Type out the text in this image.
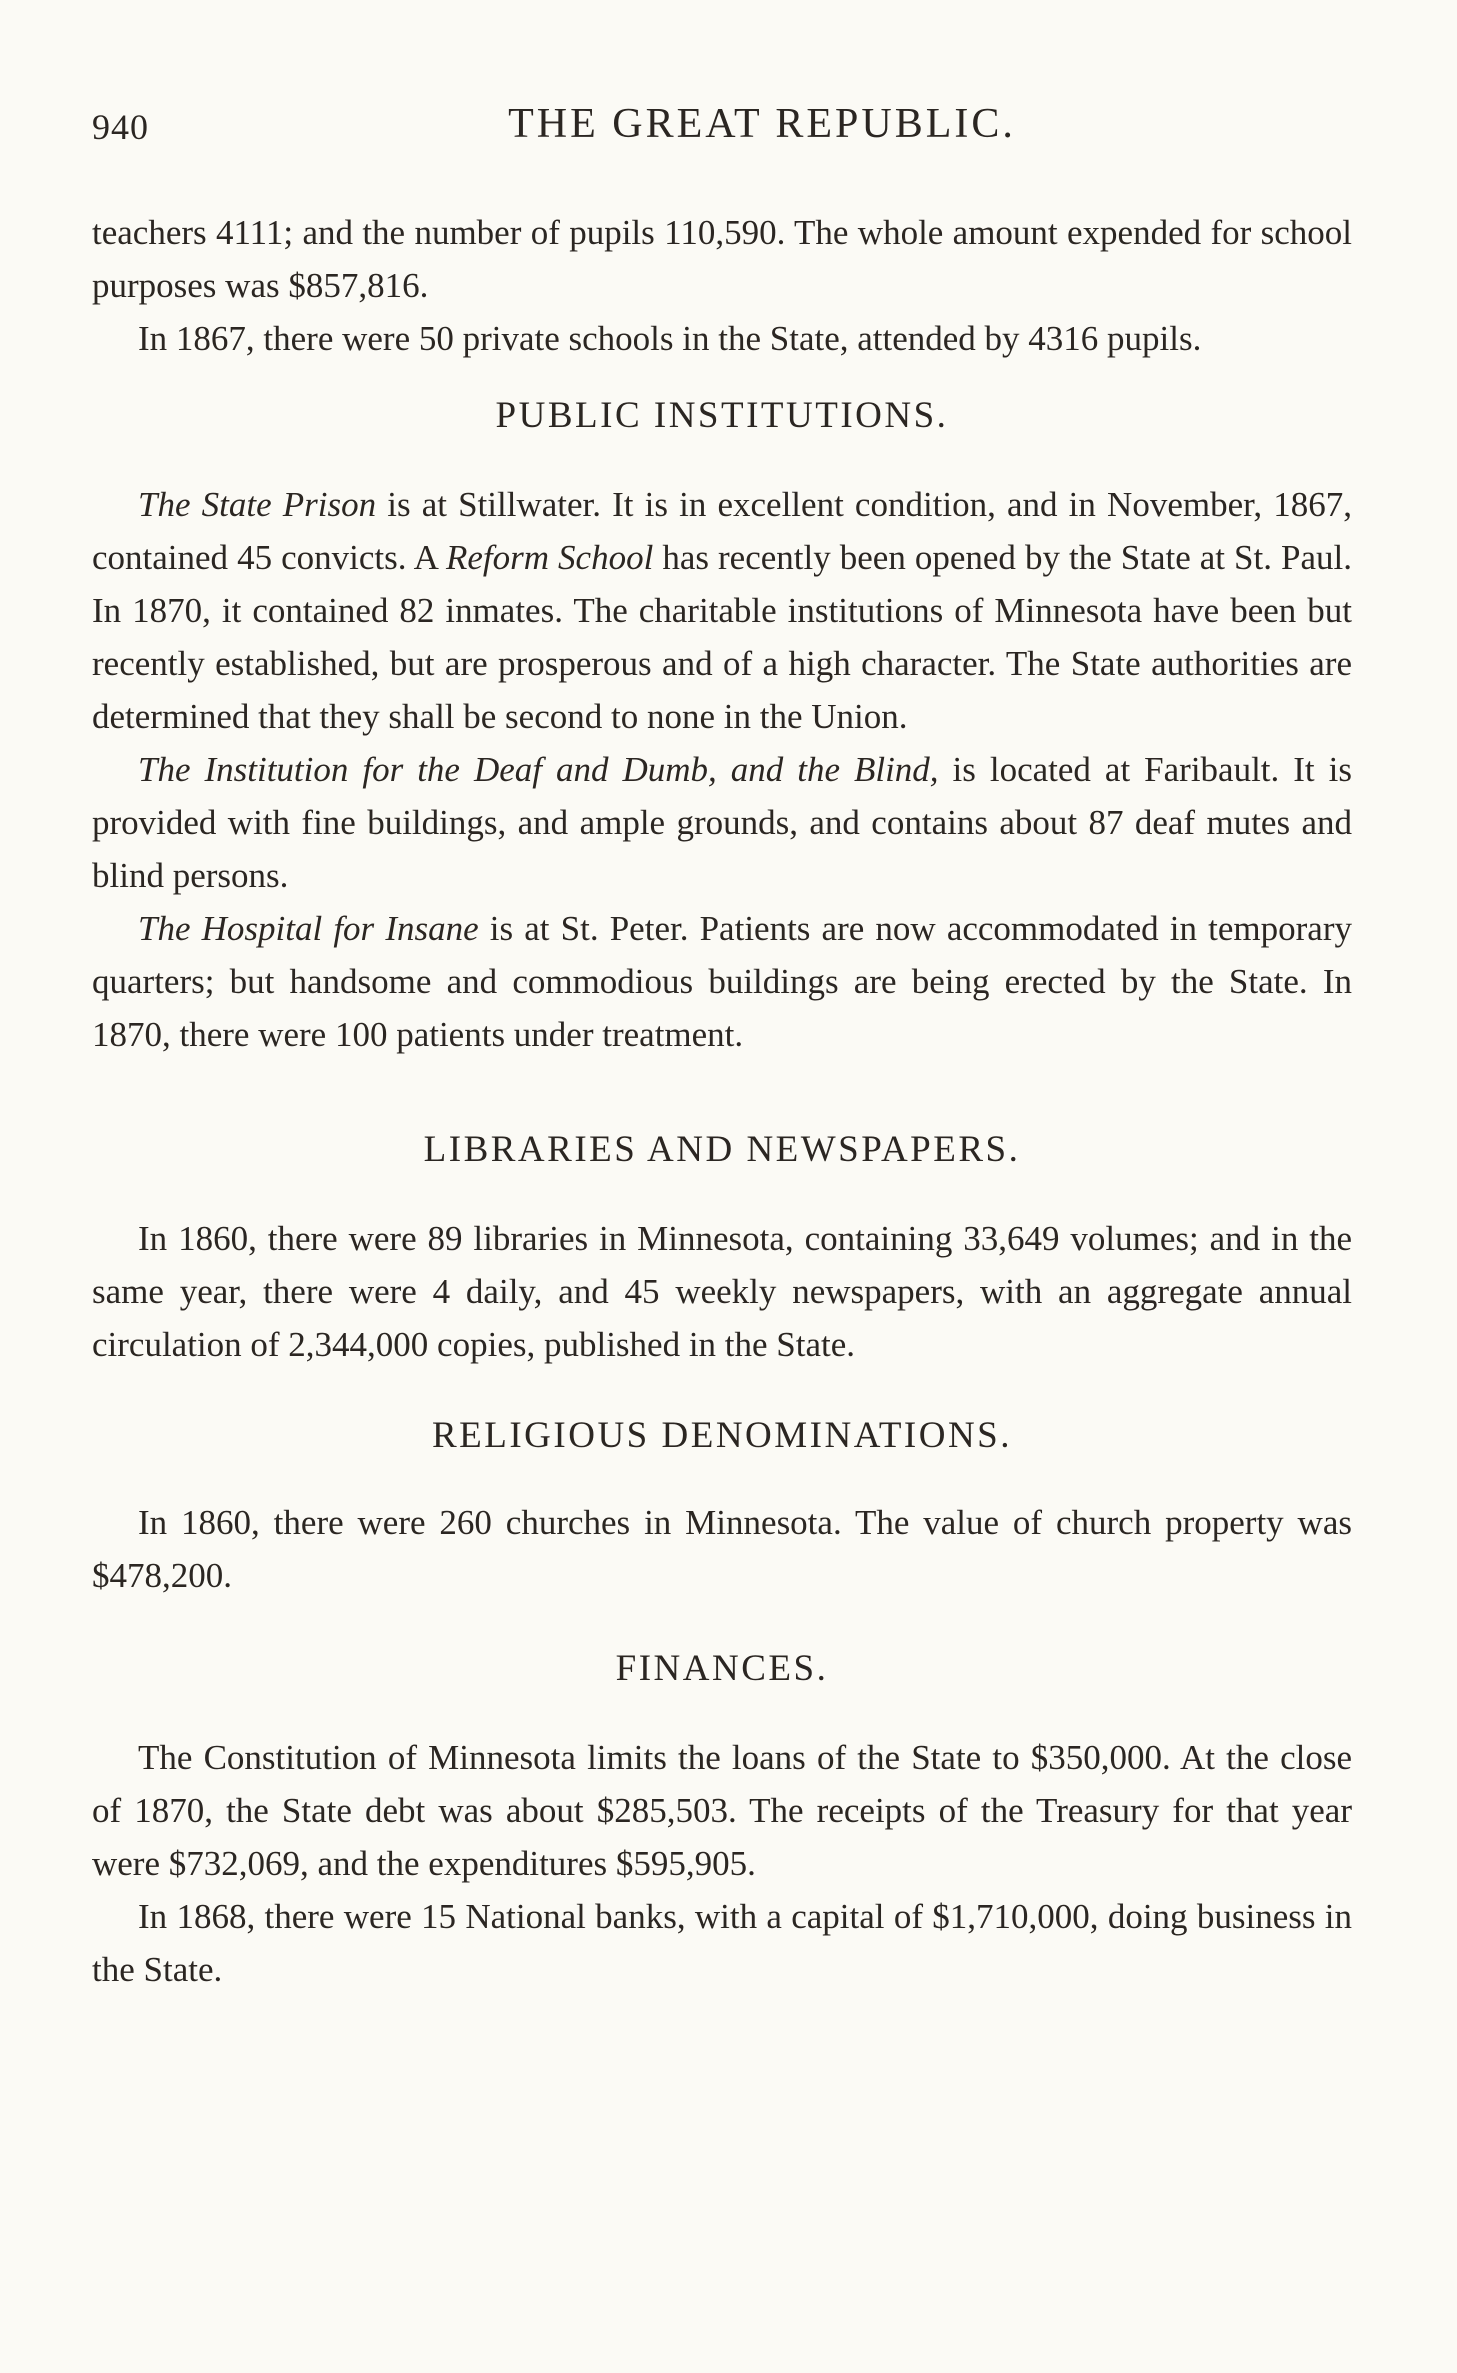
940	THE GREAT REPUBLIC.

teachers 4111; and the number of pupils 110,590. The whole amount expended for school purposes was $857,816.

In 1867, there were 50 private schools in the State, attended by 4316 pupils.

PUBLIC INSTITUTIONS.

The State Prison is at Stillwater. It is in excellent condition, and in November, 1867, contained 45 convicts. A Reform School has recently been opened by the State at St. Paul. In 1870, it contained 82 inmates. The charitable institutions of Minnesota have been but recently established, but are prosperous and of a high character. The State authorities are determined that they shall be second to none in the Union.

The Institution for the Deaf and Dumb, and the Blind, is located at Faribault. It is provided with fine buildings, and ample grounds, and contains about 87 deaf mutes and blind persons.

The Hospital for Insane is at St. Peter. Patients are now accommodated in temporary quarters; but handsome and commodious buildings are being erected by the State. In 1870, there were 100 patients under treatment.

LIBRARIES AND NEWSPAPERS.

In 1860, there were 89 libraries in Minnesota, containing 33,649 volumes; and in the same year, there were 4 daily, and 45 weekly newspapers, with an aggregate annual circulation of 2,344,000 copies, published in the State.

RELIGIOUS DENOMINATIONS.

In 1860, there were 260 churches in Minnesota. The value of church property was $478,200.

FINANCES.

The Constitution of Minnesota limits the loans of the State to $350,000. At the close of 1870, the State debt was about $285,503. The receipts of the Treasury for that year were $732,069, and the expenditures $595,905.

In 1868, there were 15 National banks, with a capital of $1,710,000, doing business in the State.
